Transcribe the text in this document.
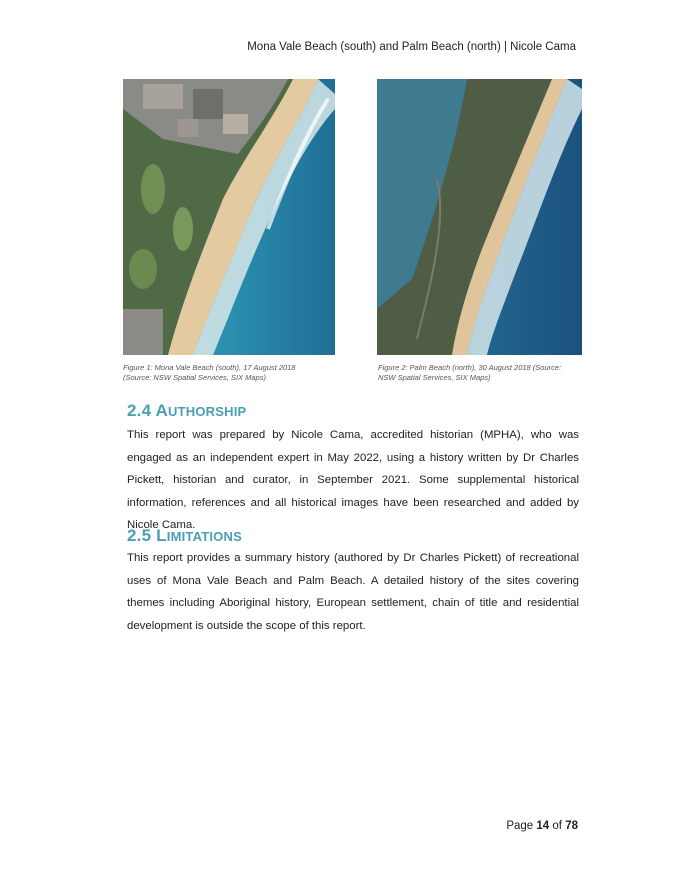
Mona Vale Beach (south) and Palm Beach (north) | Nicole Cama
Figure 1: Mona Vale Beach (south), 17 August 2018
(Source: NSW Spatial Services, SIX Maps)
Figure 2: Palm Beach (north), 30 August 2018 (Source:
NSW Spatial Services, SIX Maps)
2.4 AUTHORSHIP

This report was prepared by Nicole Cama, accredited historian (MPHA), who was engaged as an independent expert in May 2022, using a history written by Dr Charles Pickett, historian and curator, in September 2021. Some supplemental historical information, references and all historical images have been researched and added by Nicole Cama.

2.5 LIMITATIONS

This report provides a summary history (authored by Dr Charles Pickett) of recreational uses of Mona Vale Beach and Palm Beach. A detailed history of the sites covering themes including Aboriginal history, European settlement, chain of title and residential development is outside the scope of this report.

Page 14 of 78
